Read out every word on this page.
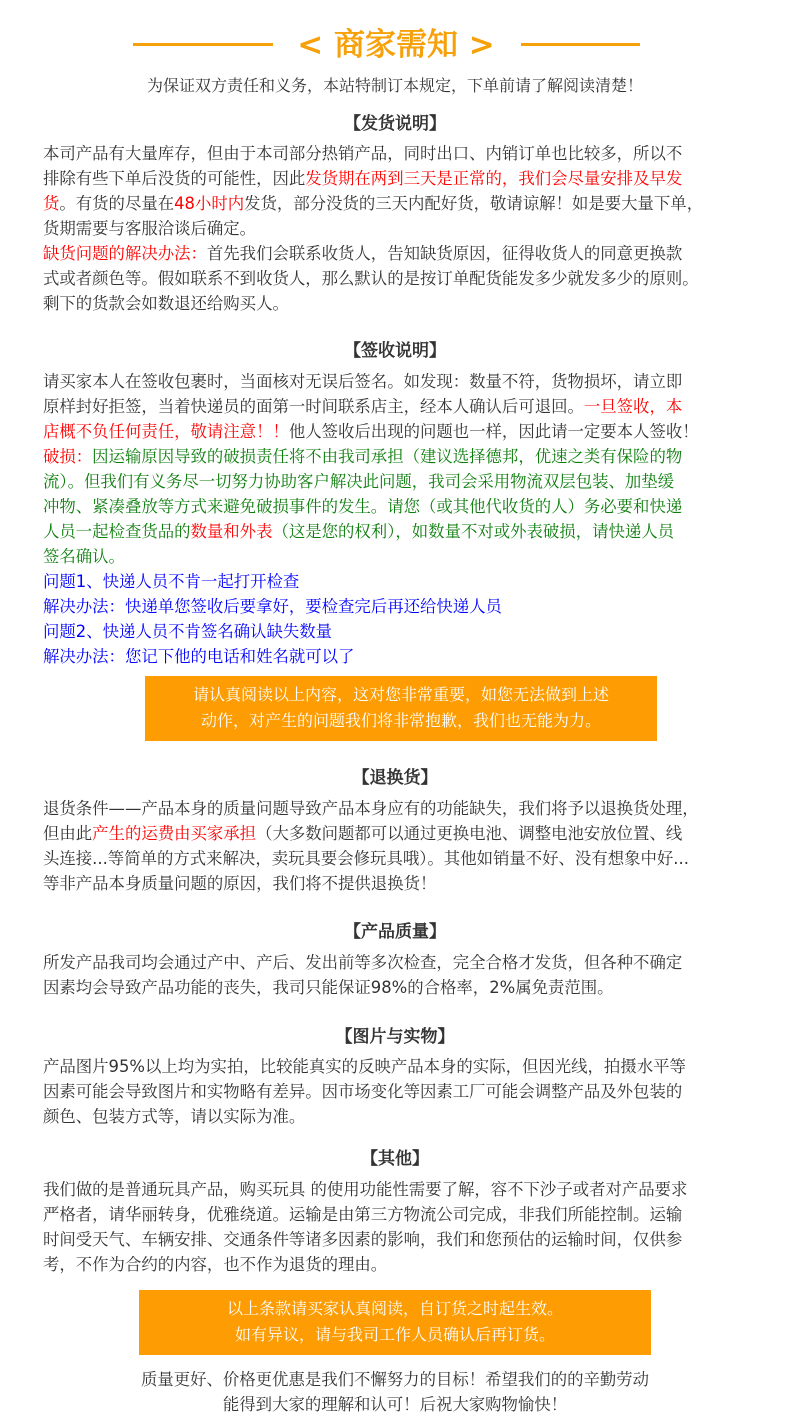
< 商家需知 >
为保证双方责任和义务，本站特制订本规定，下单前请了解阅读清楚！
【发货说明】
本司产品有大量库存，但由于本司部分热销产品，同时出口、内销订单也比较多，所以不
排除有些下单后没货的可能性，因此发货期在两到三天是正常的，我们会尽量安排及早发
货。有货的尽量在48小时内发货，部分没货的三天内配好货，敬请谅解！如是要大量下单，
货期需要与客服洽谈后确定。
缺货问题的解决办法：首先我们会联系收货人，告知缺货原因，征得收货人的同意更换款
式或者颜色等。假如联系不到收货人，那么默认的是按订单配货能发多少就发多少的原则。
剩下的货款会如数退还给购买人。
【签收说明】
请买家本人在签收包裹时，当面核对无误后签名。如发现：数量不符，货物损坏，请立即
原样封好拒签，当着快递员的面第一时间联系店主，经本人确认后可退回。一旦签收，本
店概不负任何责任，敬请注意！！他人签收后出现的问题也一样，因此请一定要本人签收！
破损：因运输原因导致的破损责任将不由我司承担（建议选择德邦，优速之类有保险的物
流）。但我们有义务尽一切努力协助客户解决此问题，我司会采用物流双层包装、加垫缓
冲物、紧凑叠放等方式来避免破损事件的发生。请您（或其他代收货的人）务必要和快递
人员一起检查货品的数量和外表（这是您的权利），如数量不对或外表破损，请快递人员
签名确认。
问题1、快递人员不肯一起打开检查
解决办法：快递单您签收后要拿好，要检查完后再还给快递人员
问题2、快递人员不肯签名确认缺失数量
解决办法：您记下他的电话和姓名就可以了
请认真阅读以上内容，这对您非常重要，如您无法做到上述
动作，对产生的问题我们将非常抱歉，我们也无能为力。
【退换货】
退货条件——产品本身的质量问题导致产品本身应有的功能缺失，我们将予以退换货处理，
但由此产生的运费由买家承担（大多数问题都可以通过更换电池、调整电池安放位置、线
头连接...等简单的方式来解决，卖玩具要会修玩具哦）。其他如销量不好、没有想象中好...
等非产品本身质量问题的原因，我们将不提供退换货！
【产品质量】
所发产品我司均会通过产中、产后、发出前等多次检查，完全合格才发货，但各种不确定
因素均会导致产品功能的丧失，我司只能保证98%的合格率，2%属免责范围。
【图片与实物】
产品图片95%以上均为实拍，比较能真实的反映产品本身的实际，但因光线，拍摄水平等
因素可能会导致图片和实物略有差异。因市场变化等因素工厂可能会调整产品及外包装的
颜色、包装方式等，请以实际为准。
【其他】
我们做的是普通玩具产品，购买玩具 的使用功能性需要了解，容不下沙子或者对产品要求
严格者，请华丽转身，优雅绕道。运输是由第三方物流公司完成，非我们所能控制。运输
时间受天气、车辆安排、交通条件等诸多因素的影响，我们和您预估的运输时间，仅供参
考，不作为合约的内容，也不作为退货的理由。
以上条款请买家认真阅读，自订货之时起生效。
如有异议，请与我司工作人员确认后再订货。
质量更好、价格更优惠是我们不懈努力的目标！希望我们的的辛勤劳动
能得到大家的理解和认可！后祝大家购物愉快！
